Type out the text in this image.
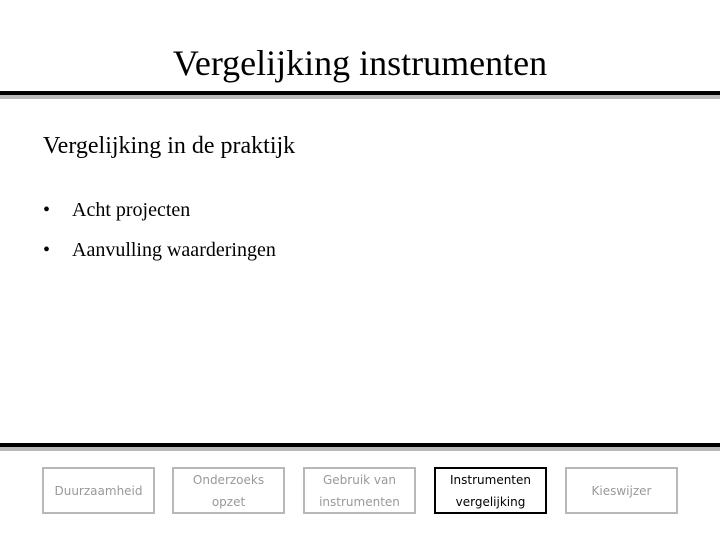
Vergelijking instrumenten
Vergelijking in de praktijk
•	Acht projecten
•	Aanvulling waarderingen
Duurzaamheid
Onderzoeks
opzet
Gebruik van
instrumenten
Instrumenten
vergelijking
Kieswijzer
